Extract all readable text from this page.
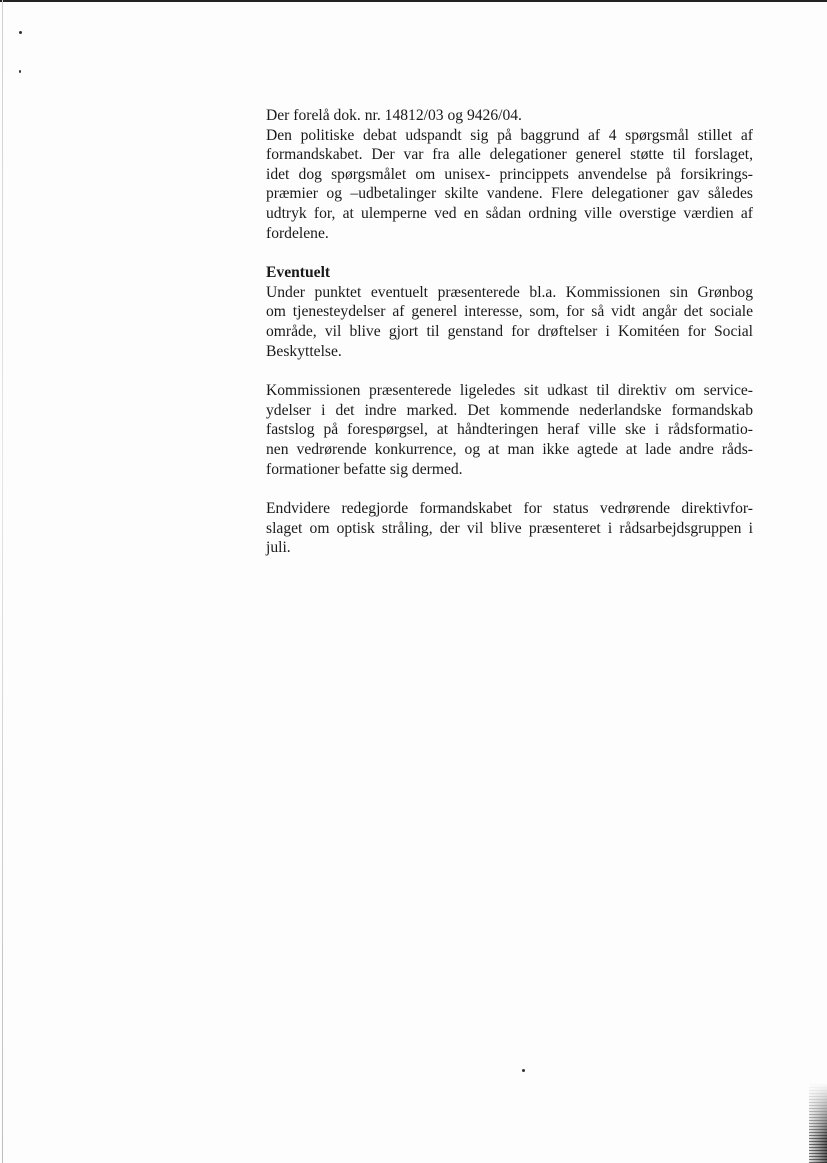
Der forelå dok. nr. 14812/03 og 9426/04.
Den politiske debat udspandt sig på baggrund af 4 spørgsmål stillet af
formandskabet. Der var fra alle delegationer generel støtte til forslaget,
idet dog spørgsmålet om unisex- princippets anvendelse på forsikrings-
præmier og –udbetalinger skilte vandene. Flere delegationer gav således
udtryk for, at ulemperne ved en sådan ordning ville overstige værdien af
fordelene.
Eventuelt
Under punktet eventuelt præsenterede bl.a. Kommissionen sin Grønbog
om tjenesteydelser af generel interesse, som, for så vidt angår det sociale
område, vil blive gjort til genstand for drøftelser i Komitéen for Social
Beskyttelse.
Kommissionen præsenterede ligeledes sit udkast til direktiv om service-
ydelser i det indre marked. Det kommende nederlandske formandskab
fastslog på forespørgsel, at håndteringen heraf ville ske i rådsformatio-
nen vedrørende konkurrence, og at man ikke agtede at lade andre råds-
formationer befatte sig dermed.
Endvidere redegjorde formandskabet for status vedrørende direktivfor-
slaget om optisk stråling, der vil blive præsenteret i rådsarbejdsgruppen i
juli.
